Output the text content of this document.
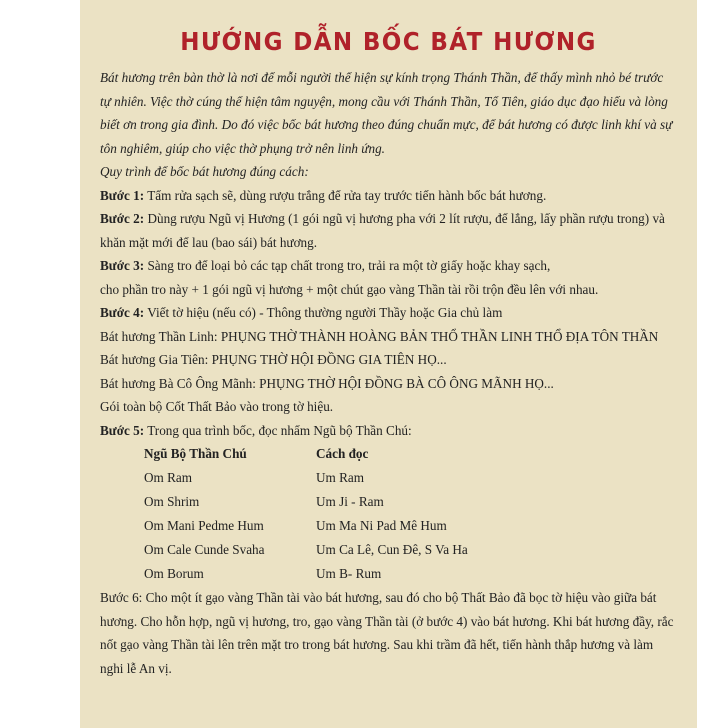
HƯỚNG DẪN BỐC BÁT HƯƠNG

Bát hương trên bàn thờ là nơi để mỗi người thể hiện sự kính trọng Thánh Thần, để thấy mình nhỏ bé trước tự nhiên. Việc thờ cúng thể hiện tâm nguyện, mong cầu với Thánh Thần, Tổ Tiên, giáo dục đạo hiếu và lòng biết ơn trong gia đình. Do đó việc bốc bát hương theo đúng chuẩn mực, để bát hương có được linh khí và sự tôn nghiêm, giúp cho việc thờ phụng trở nên linh ứng.

Quy trình để bốc bát hương đúng cách:

Bước 1: Tẩm rửa sạch sẽ, dùng rượu trắng để rửa tay trước tiến hành bốc bát hương.

Bước 2: Dùng rượu Ngũ vị Hương (1 gói ngũ vị hương pha với 2 lít rượu, để lắng, lấy phần rượu trong) và khăn mặt mới để lau (bao sái) bát hương.

Bước 3: Sàng tro để loại bỏ các tạp chất trong tro, trải ra một tờ giấy hoặc khay sạch,

cho phần tro này + 1 gói ngũ vị hương + một chút gạo vàng Thần tài rồi trộn đều lên với nhau.

Bước 4: Viết tờ hiệu (nếu có) - Thông thường người Thầy hoặc Gia chủ làm

Bát hương Thần Linh: PHỤNG THỜ THÀNH HOÀNG BẢN THỔ THẦN LINH THỔ ĐỊA TÔN THẦN

Bát hương Gia Tiên: PHỤNG THỜ HỘI ĐỒNG GIA TIÊN HỌ...

Bát hương Bà Cô Ông Mãnh: PHỤNG THỜ HỘI ĐỒNG BÀ CÔ ÔNG MÃNH HỌ...

Gói toàn bộ Cốt Thất Bảo vào trong tờ hiệu.

Bước 5: Trong qua trình bốc, đọc nhẩm Ngũ bộ Thần Chú:

Ngũ Bộ Thần Chú	Cách đọc
Om Ram	Um Ram
Om Shrim	Um Ji - Ram
Om Mani Pedme Hum	Um Ma Ni Pad Mê Hum
Om Cale Cunde Svaha	Um Ca Lê, Cun Đê, S Va Ha
Om Borum	Um B- Rum

Bước 6: Cho một ít gạo vàng Thần tài vào bát hương, sau đó cho bộ Thất Bảo đã bọc tờ hiệu vào giữa bát hương. Cho hỗn hợp, ngũ vị hương, tro, gạo vàng Thần tài (ở bước 4) vào bát hương. Khi bát hương đầy, rắc nốt gạo vàng Thần tài lên trên mặt tro trong bát hương. Sau khi trầm đã hết, tiến hành thắp hương và làm nghi lễ An vị.
